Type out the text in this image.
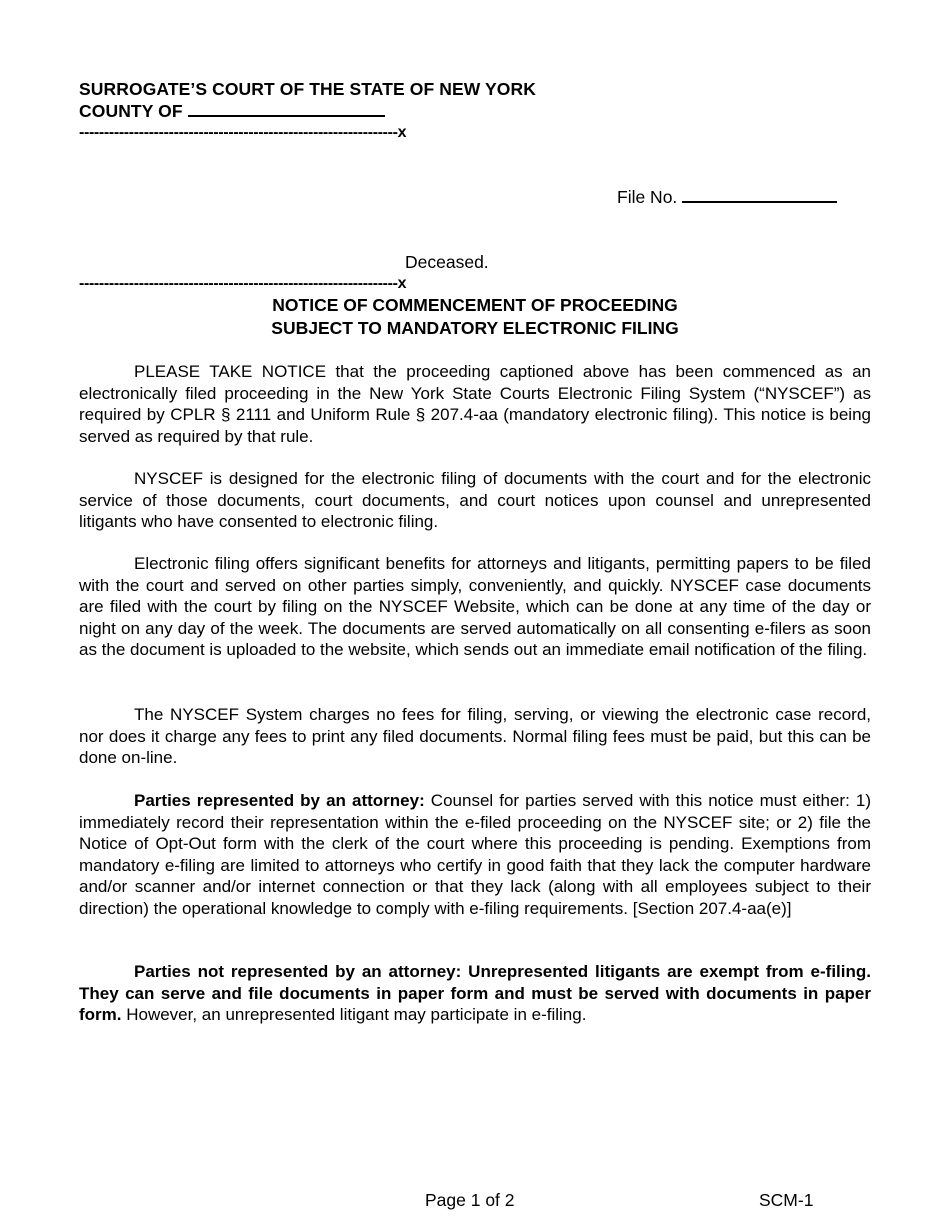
SURROGATE’S COURT OF THE STATE OF NEW YORK
COUNTY OF
----------------------------------------------------------------x
File No.
Deceased.
----------------------------------------------------------------x
NOTICE OF COMMENCEMENT OF PROCEEDING
SUBJECT TO MANDATORY ELECTRONIC FILING
PLEASE TAKE NOTICE that the proceeding captioned above has been commenced as an electronically filed proceeding in the New York State Courts Electronic Filing System (“NYSCEF”) as required by CPLR § 2111 and Uniform Rule § 207.4-aa (mandatory electronic filing). This notice is being served as required by that rule.
NYSCEF is designed for the electronic filing of documents with the court and for the electronic service of those documents, court documents, and court notices upon counsel and unrepresented litigants who have consented to electronic filing.
Electronic filing offers significant benefits for attorneys and litigants, permitting papers to be filed with the court and served on other parties simply, conveniently, and quickly. NYSCEF case documents are filed with the court by filing on the NYSCEF Website, which can be done at any time of the day or night on any day of the week. The documents are served automatically on all consenting e-filers as soon as the document is uploaded to the website, which sends out an immediate email notification of the filing.
The NYSCEF System charges no fees for filing, serving, or viewing the electronic case record, nor does it charge any fees to print any filed documents. Normal filing fees must be paid, but this can be done on-line.
Parties represented by an attorney: Counsel for parties served with this notice must either: 1) immediately record their representation within the e-filed proceeding on the NYSCEF site; or 2) file the Notice of Opt-Out form with the clerk of the court where this proceeding is pending. Exemptions from mandatory e-filing are limited to attorneys who certify in good faith that they lack the computer hardware and/or scanner and/or internet connection or that they lack (along with all employees subject to their direction) the operational knowledge to comply with e-filing requirements. [Section 207.4-aa(e)]
Parties not represented by an attorney: Unrepresented litigants are exempt from e-filing. They can serve and file documents in paper form and must be served with documents in paper form. However, an unrepresented litigant may participate in e-filing.
Page 1 of 2	SCM-1
